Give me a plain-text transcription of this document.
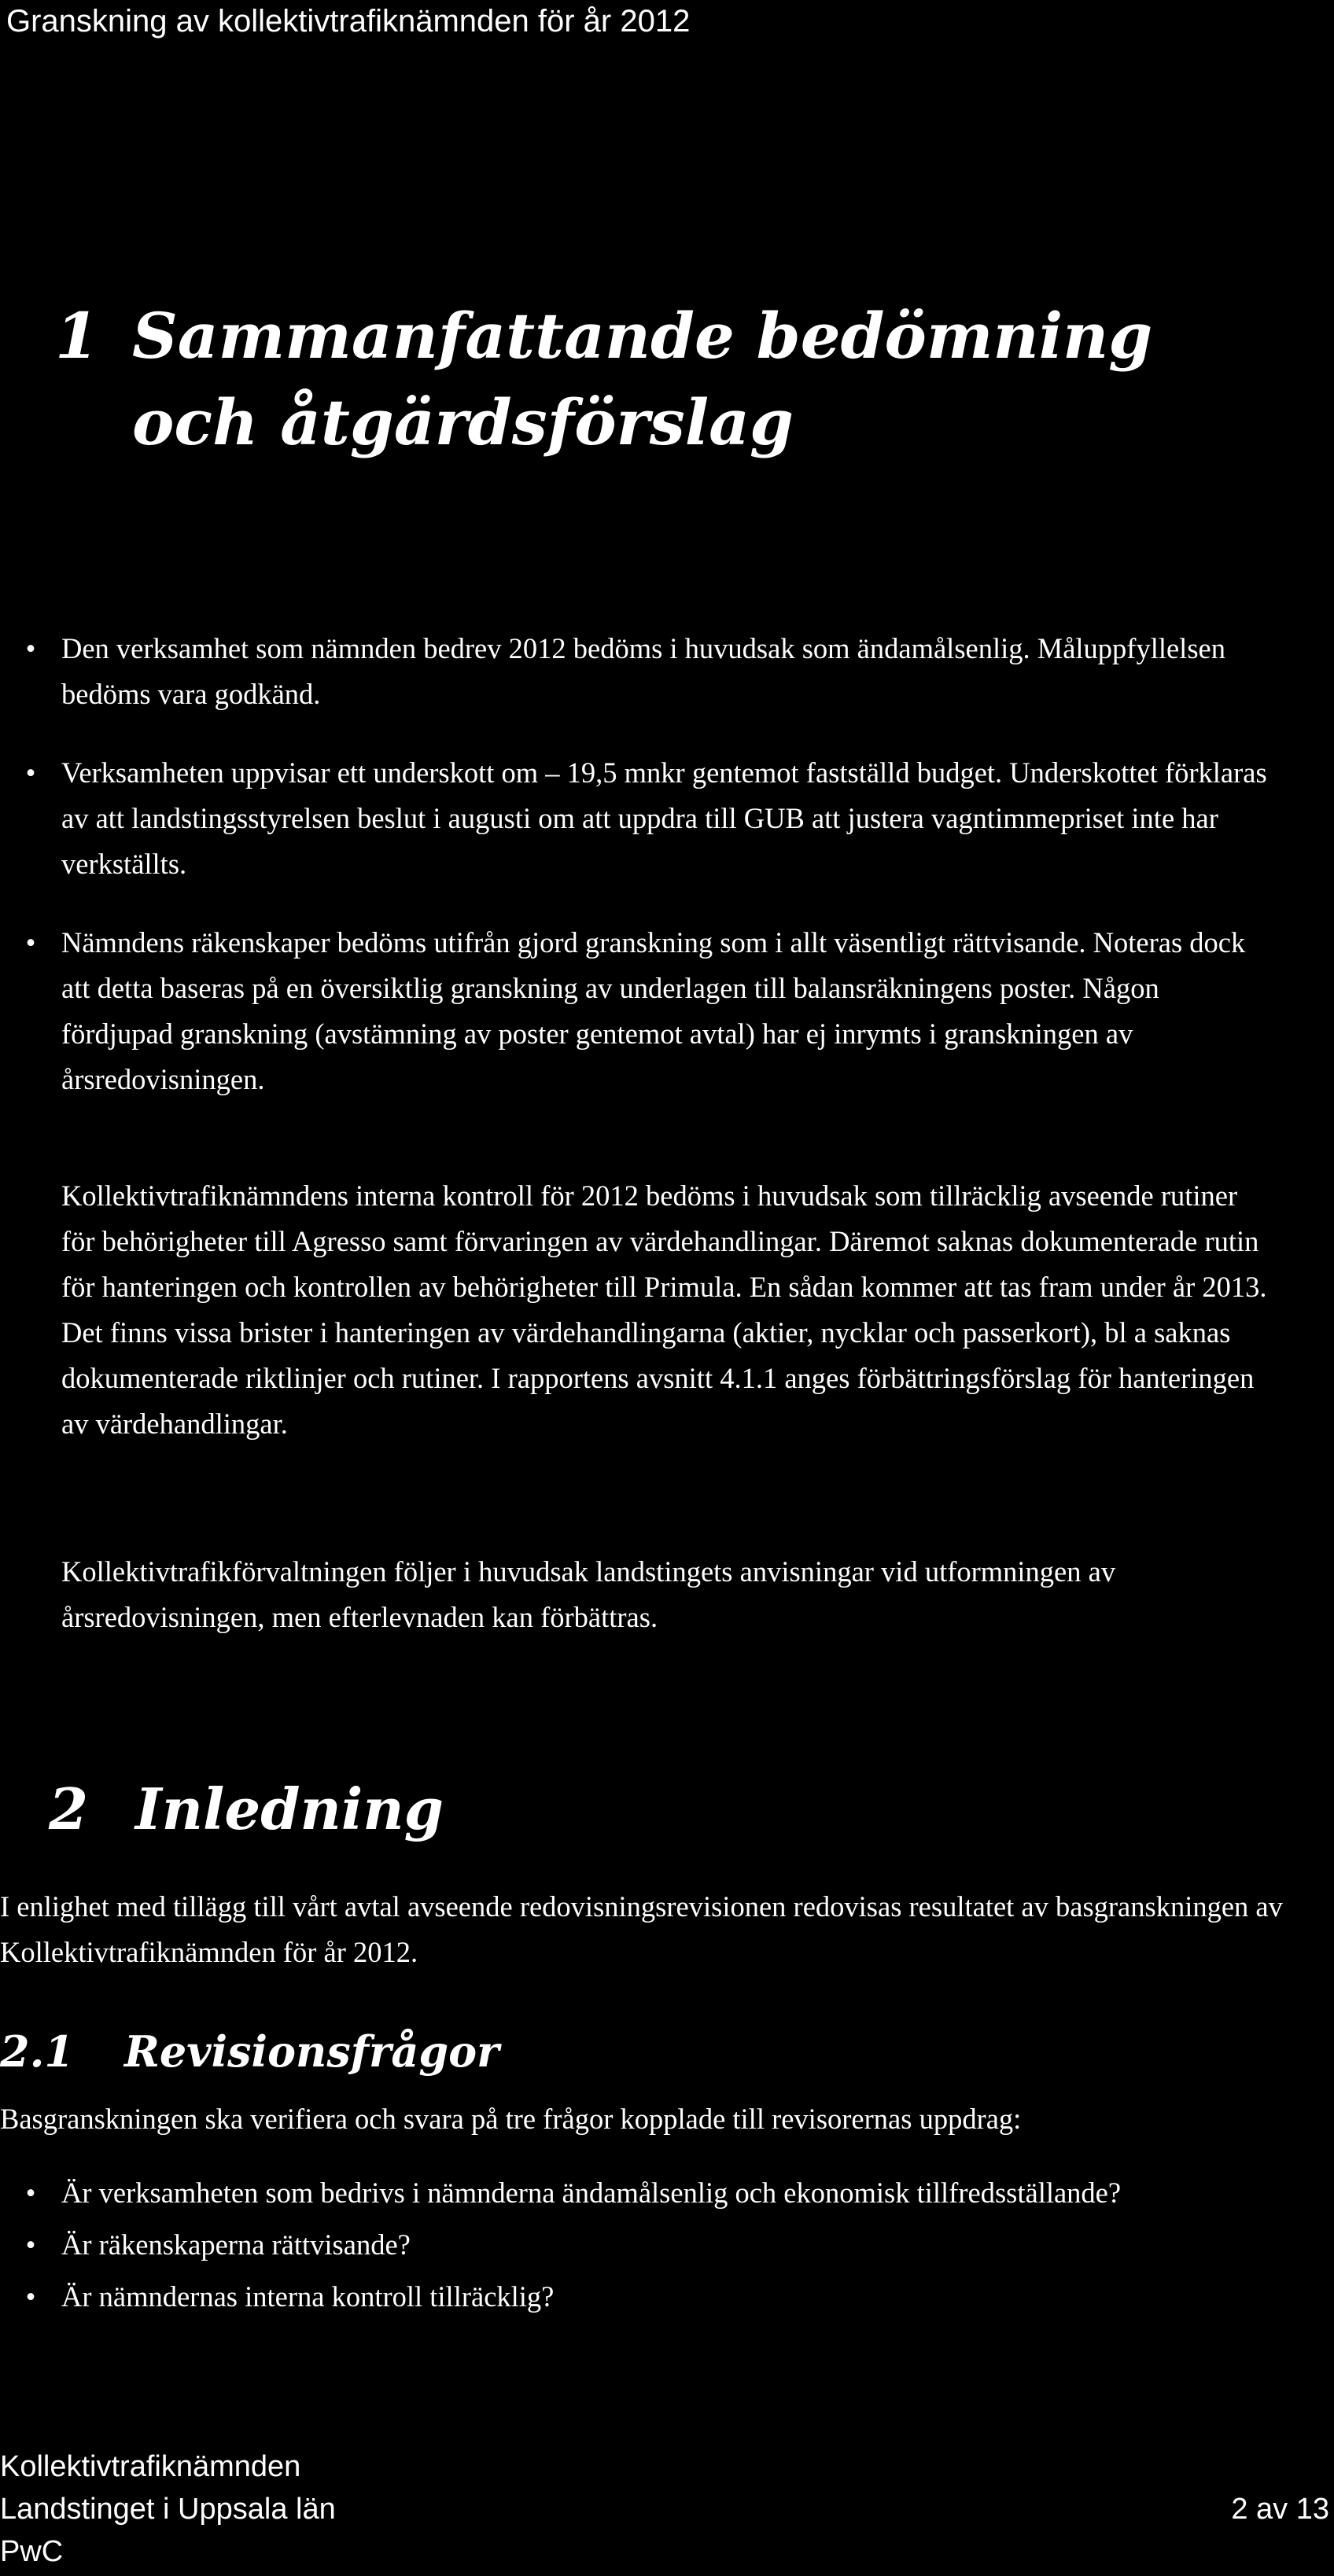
Granskning av kollektivtrafiknämnden för år 2012

1 Sammanfattande bedömning
och åtgärdsförslag
• Den verksamhet som nämnden bedrev 2012 bedöms i huvudsak som ändamålsenlig. Måluppfyllelsen bedöms vara godkänd.
• Verksamheten uppvisar ett underskott om – 19,5 mnkr gentemot fastställd budget. Underskottet förklaras av att landstingsstyrelsen beslut i augusti om att uppdra till GUB att justera vagntimmepriset inte har verkställts.
• Nämndens räkenskaper bedöms utifrån gjord granskning som i allt väsentligt rättvisande. Noteras dock att detta baseras på en översiktlig granskning av underlagen till balansräkningens poster. Någon fördjupad granskning (avstämning av poster gentemot avtal) har ej inrymts i granskningen av årsredovisningen.

Kollektivtrafiknämndens interna kontroll för 2012 bedöms i huvudsak som tillräcklig avseende rutiner för behörigheter till Agresso samt förvaringen av värdehandlingar. Däremot saknas dokumenterade rutin för hanteringen och kontrollen av behörigheter till Primula. En sådan kommer att tas fram under år 2013. Det finns vissa brister i hanteringen av värdehandlingarna (aktier, nycklar och passerkort), bl a saknas dokumenterade riktlinjer och rutiner. I rapportens avsnitt 4.1.1 anges förbättringsförslag för hanteringen av värdehandlingar.

Kollektivtrafikförvaltningen följer i huvudsak landstingets anvisningar vid utformningen av årsredovisningen, men efterlevnaden kan förbättras.

2 Inledning

I enlighet med tillägg till vårt avtal avseende redovisningsrevisionen redovisas resultatet av basgranskningen av Kollektivtrafiknämnden för år 2012.

2.1 Revisionsfrågor

Basgranskningen ska verifiera och svara på tre frågor kopplade till revisorernas uppdrag:

• Är verksamheten som bedrivs i nämnderna ändamålsenlig och ekonomisk tillfredsställande?
• Är räkenskaperna rättvisande?
• Är nämndernas interna kontroll tillräcklig?
Kollektivtrafiknämnden
Landstinget i Uppsala län
PwC
2 av 13
